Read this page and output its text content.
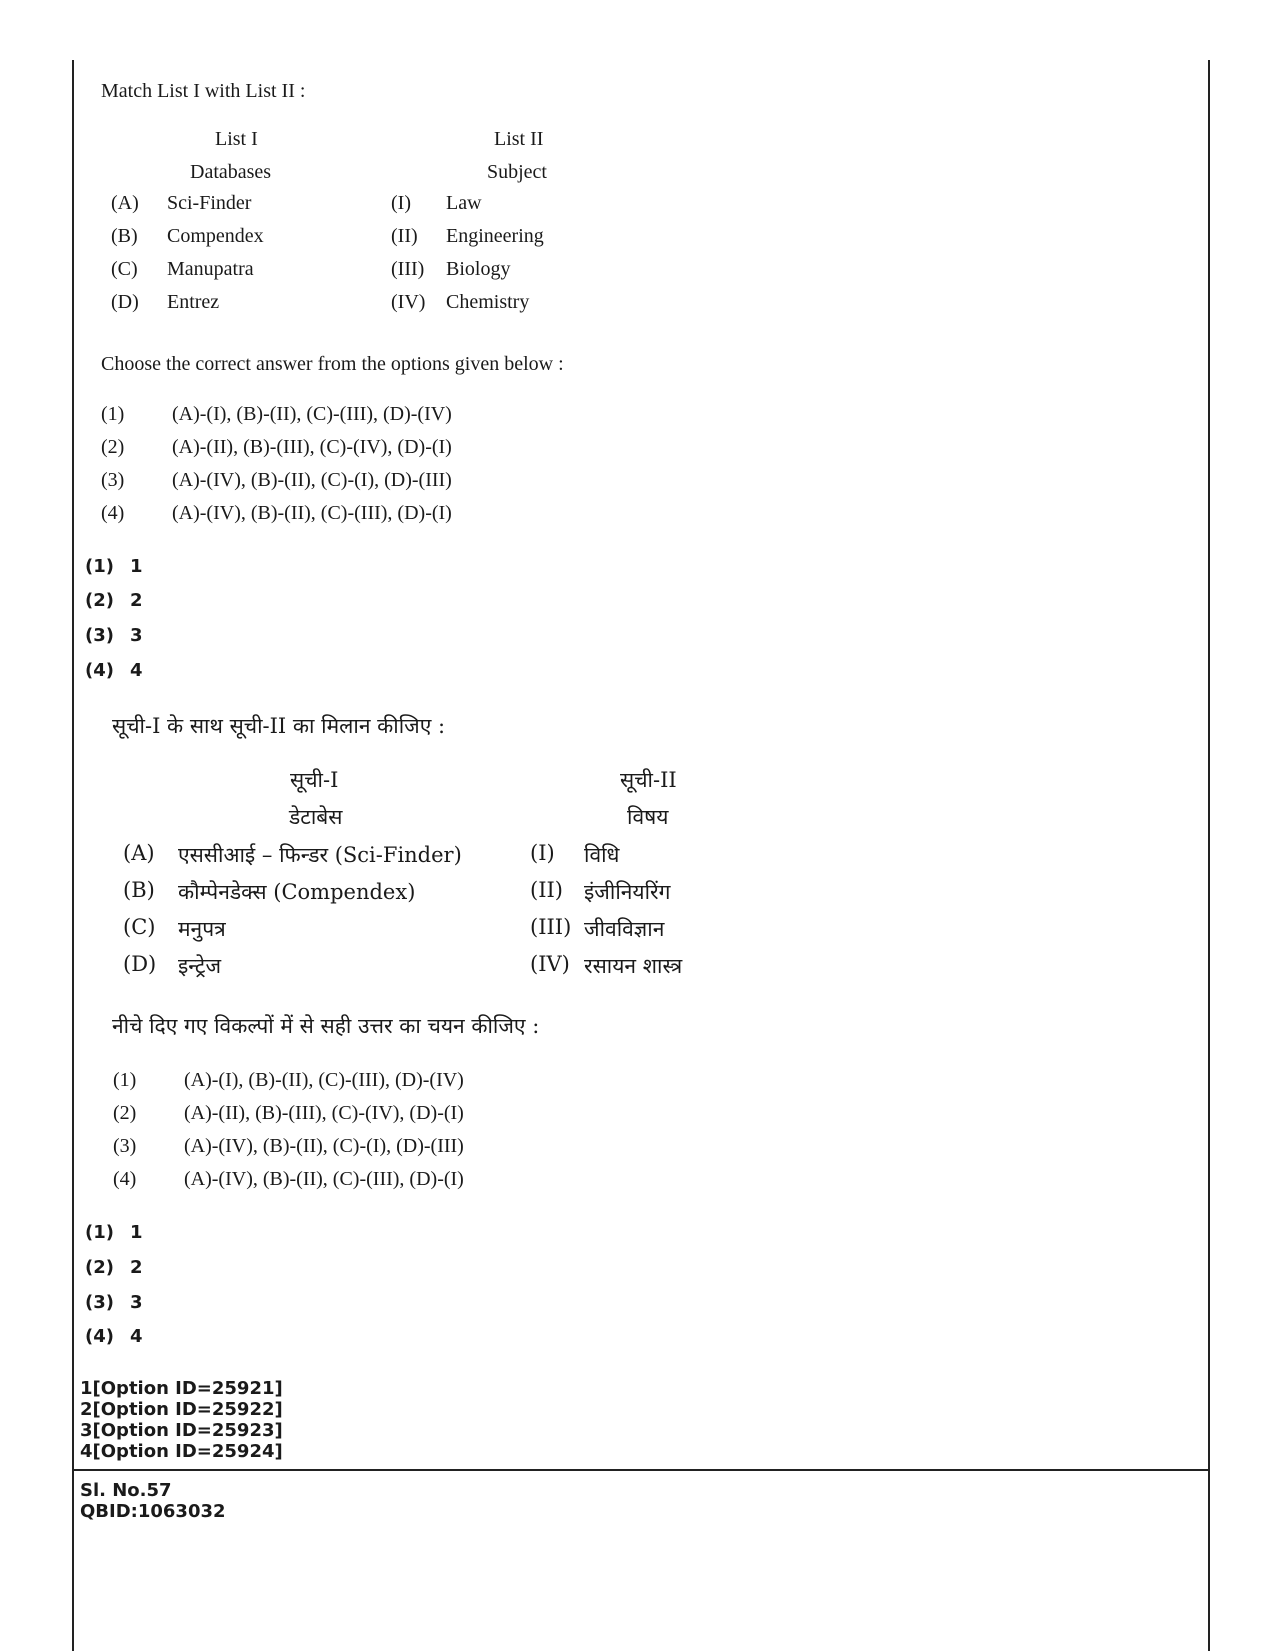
Match List I with List II :
List I
Databases
List II
Subject
(A) Sci-Finder	(I) Law
(B) Compendex	(II) Engineering
(C) Manupatra	(III) Biology
(D) Entrez	(IV) Chemistry
Choose the correct answer from the options given below :
(1) (A)-(I), (B)-(II), (C)-(III), (D)-(IV)
(2) (A)-(II), (B)-(III), (C)-(IV), (D)-(I)
(3) (A)-(IV), (B)-(II), (C)-(I), (D)-(III)
(4) (A)-(IV), (B)-(II), (C)-(III), (D)-(I)
(1) 1
(2) 2
(3) 3
(4) 4
सूची-I के साथ सूची-II का मिलान कीजिए :
सूची-I
डेटाबेस
सूची-II
विषय
(A) एससीआई – फिन्डर (Sci-Finder)	(I) विधि
(B) कौम्पेनडेक्स (Compendex)	(II) इंजीनियरिंग
(C) मनुपत्र	(III) जीवविज्ञान
(D) इन्ट्रेज	(IV) रसायन शास्त्र
नीचे दिए गए विकल्पों में से सही उत्तर का चयन कीजिए :
(1) (A)-(I), (B)-(II), (C)-(III), (D)-(IV)
(2) (A)-(II), (B)-(III), (C)-(IV), (D)-(I)
(3) (A)-(IV), (B)-(II), (C)-(I), (D)-(III)
(4) (A)-(IV), (B)-(II), (C)-(III), (D)-(I)
(1) 1
(2) 2
(3) 3
(4) 4
1[Option ID=25921]
2[Option ID=25922]
3[Option ID=25923]
4[Option ID=25924]
Sl. No.57
QBID:1063032
